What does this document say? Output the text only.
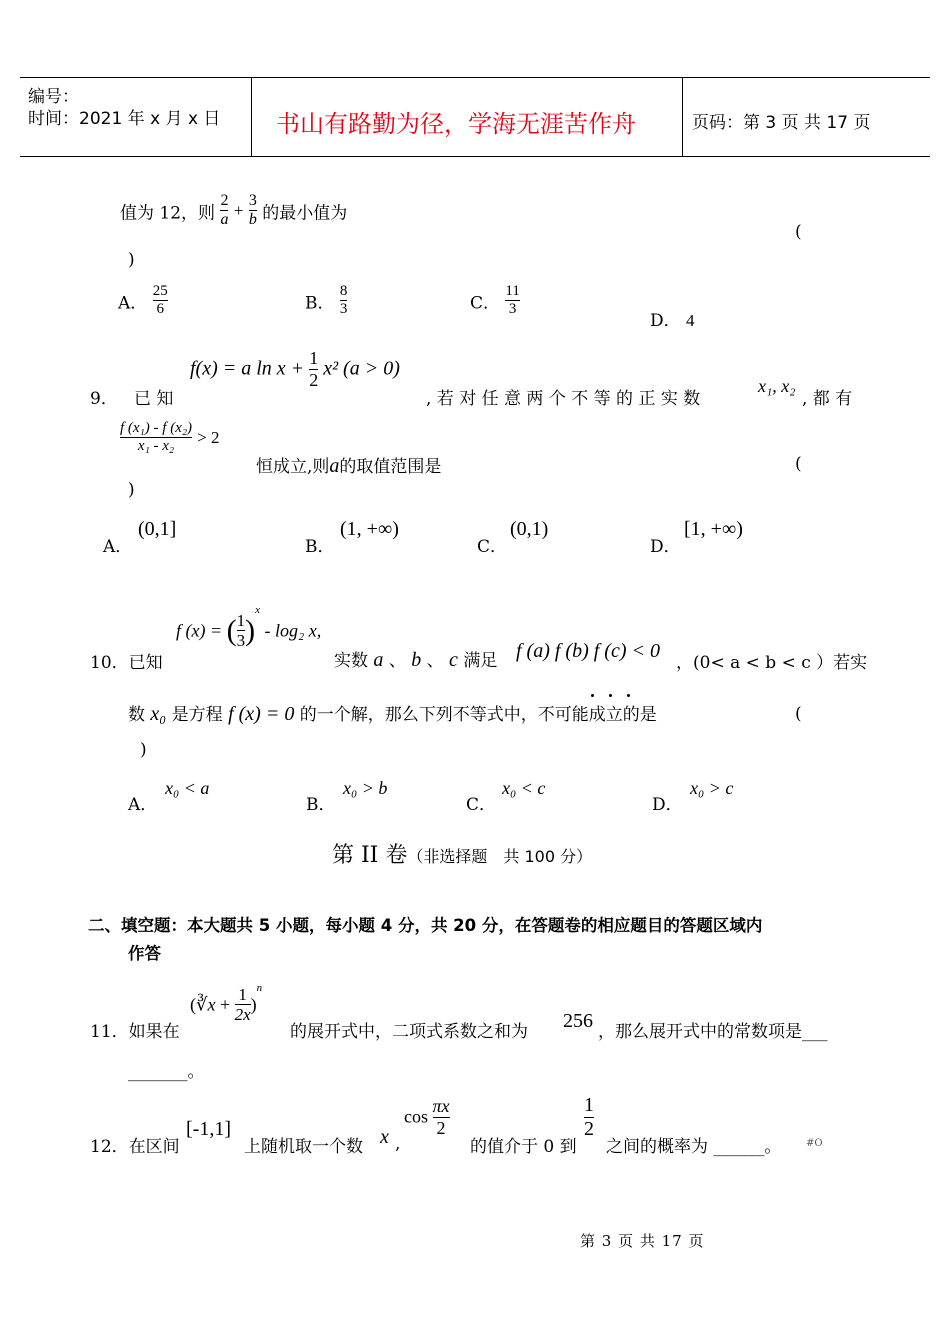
编号：
时间：2021 年 x 月 x 日 书山有路勤为径，学海无涯苦作舟	页码：第 3 页 共 17 页
值为 12，则 $\frac{2}{a} + \frac{3}{b}$ 的最小值为
(
)
A． $\frac{25}{6}$	B． $\frac{8}{3}$	C． $\frac{11}{3}$
D． 4
9． 已 知
f(x) = a $\ln x + \frac{1}{2} x^2$ (a > 0)
, 若 对 任 意 两 个 不 等 的 正 实 数
x₁, x₂
, 都 有
$\frac{\text{f (x₁) - f (x₂)}}{\text{x₁ - x₂}} > 2$
恒成立,则a的取值范围是	(
)
A．
(0,1]
B．
(1, +∞)
C．
(0,1)
D．
[1, +∞)
10．已知
f (x) = ( $\frac{1}{3} )^x - \log_2$ x,
实数 a 、 b 、 c 满足 f (a) f (b) f (c) < 0
，(0< a < b < c ）若实
数 x₀ 是方程 f (x) = 0 的一个解，那么下列不等式中，不可能成立的是	(
)
A．
x₀ < a
B．
x₀ > b
C．
x₀ < c
D．
x₀ > c
第 II 卷（非选择题　共 100 分）
二、填空题：本大题共 5 小题，每小题 4 分，共 20 分，在答题卷的相应题目的答题区域内
作答
11．如果在
(∛x + $\frac{1}{2x} )^n$
的展开式中，二项式系数之和为 256 ，那么展开式中的常数项是___
_______。
12．在区间
[-1,1]
上随机取一个数 x ,
$\cos \frac{\pi x}{2}$
的值介于 0 到
$\frac{1}{2}$
之间的概率为 ______。 #O
第 3 页 共 17 页
